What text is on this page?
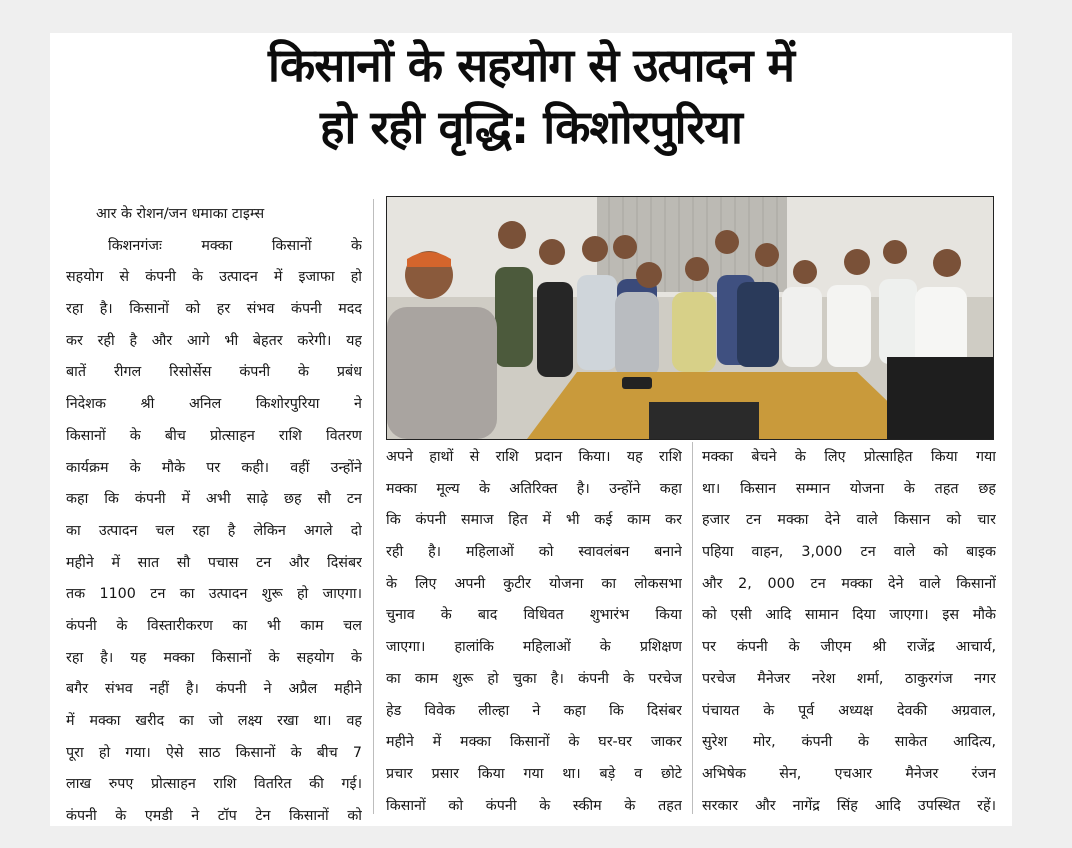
किसानों के सहयोग से उत्पादन में
हो रही वृद्धि: किशोरपुरिया
आर के रोशन/जन धमाका टाइम्स
किशनगंजः मक्का किसानों के
सहयोग से कंपनी के उत्पादन में इजाफा हो
रहा है। किसानों को हर संभव कंपनी मदद
कर रही है और आगे भी बेहतर करेगी। यह
बातें रीगल रिसोर्सेस कंपनी के प्रबंध
निदेशक श्री अनिल किशोरपुरिया ने
किसानों के बीच प्रोत्साहन राशि वितरण
कार्यक्रम के मौके पर कही। वहीं उन्होंने
कहा कि कंपनी में अभी साढ़े छह सौ टन
का उत्पादन चल रहा है लेकिन अगले दो
महीने में सात सौ पचास टन और दिसंबर
तक 1100 टन का उत्पादन शुरू हो जाएगा।
कंपनी के विस्तारीकरण का भी काम चल
रहा है। यह मक्का किसानों के सहयोग के
बगैर संभव नहीं है। कंपनी ने अप्रैल महीने
में मक्का खरीद का जो लक्ष्य रखा था। वह
पूरा हो गया। ऐसे साठ किसानों के बीच 7
लाख रुपए प्रोत्साहन राशि वितरित की गई।
कंपनी के एमडी ने टॉप टेन किसानों को
अपने हाथों से राशि प्रदान किया। यह राशि
मक्का मूल्य के अतिरिक्त है। उन्होंने कहा
कि कंपनी समाज हित में भी कई काम कर
रही है। महिलाओं को स्वावलंबन बनाने
के लिए अपनी कुटीर योजना का लोकसभा
चुनाव के बाद विधिवत शुभारंभ किया
जाएगा। हालांकि महिलाओं के प्रशिक्षण
का काम शुरू हो चुका है। कंपनी के परचेज
हेड विवेक लील्हा ने कहा कि दिसंबर
महीने में मक्का किसानों के घर-घर जाकर
प्रचार प्रसार किया गया था। बड़े व छोटे
किसानों को कंपनी के स्कीम के तहत
मक्का बेचने के लिए प्रोत्साहित किया गया
था। किसान सम्मान योजना के तहत छह
हजार टन मक्का देने वाले किसान को चार
पहिया वाहन, 3,000 टन वाले को बाइक
और 2, 000 टन मक्का देने वाले किसानों
को एसी आदि सामान दिया जाएगा। इस मौके
पर कंपनी के जीएम श्री राजेंद्र आचार्य,
परचेज मैनेजर नरेश शर्मा, ठाकुरगंज नगर
पंचायत के पूर्व अध्यक्ष देवकी अग्रवाल,
सुरेश मोर, कंपनी के साकेत आदित्य,
अभिषेक सेन, एचआर मैनेजर रंजन
सरकार और नागेंद्र सिंह आदि उपस्थित रहें।
